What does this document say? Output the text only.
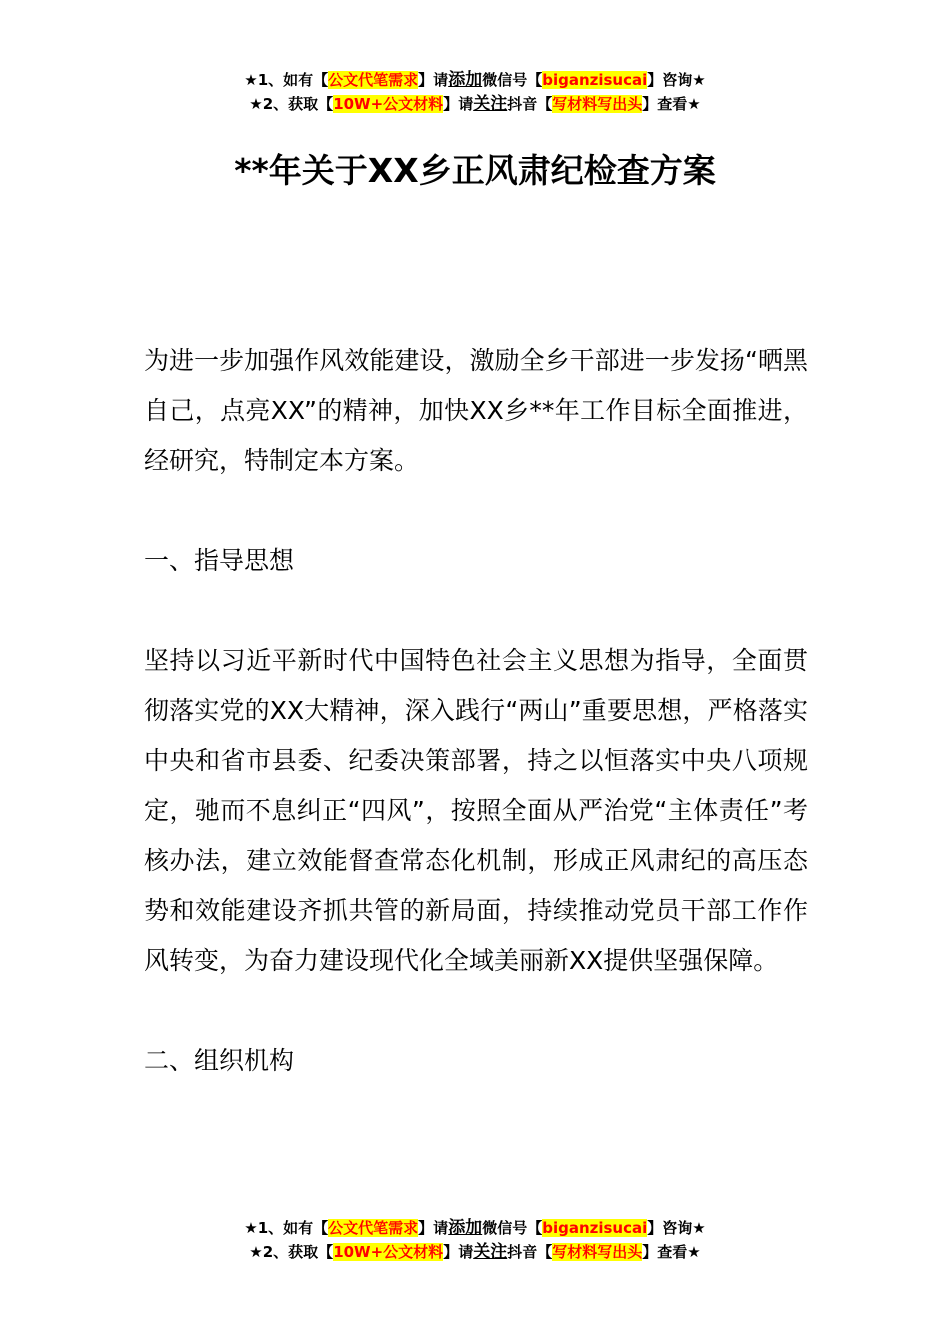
★1、如有【公文代笔需求】请添加微信号【biganzisucai】咨询★
★2、获取【10W+公文材料】请关注抖音【写材料写出头】查看★
**年关于XX乡正风肃纪检查方案

为进一步加强作风效能建设，激励全乡干部进一步发扬“晒黑自己，点亮XX”的精神，加快XX乡**年工作目标全面推进，经研究，特制定本方案。

一、指导思想

坚持以习近平新时代中国特色社会主义思想为指导，全面贯彻落实党的XX大精神，深入践行“两山”重要思想，严格落实中央和省市县委、纪委决策部署，持之以恒落实中央八项规定，驰而不息纠正“四风”，按照全面从严治党“主体责任”考核办法，建立效能督查常态化机制，形成正风肃纪的高压态势和效能建设齐抓共管的新局面，持续推动党员干部工作作风转变，为奋力建设现代化全域美丽新XX提供坚强保障。

二、组织机构

★1、如有【公文代笔需求】请添加微信号【biganzisucai】咨询★
★2、获取【10W+公文材料】请关注抖音【写材料写出头】查看★
